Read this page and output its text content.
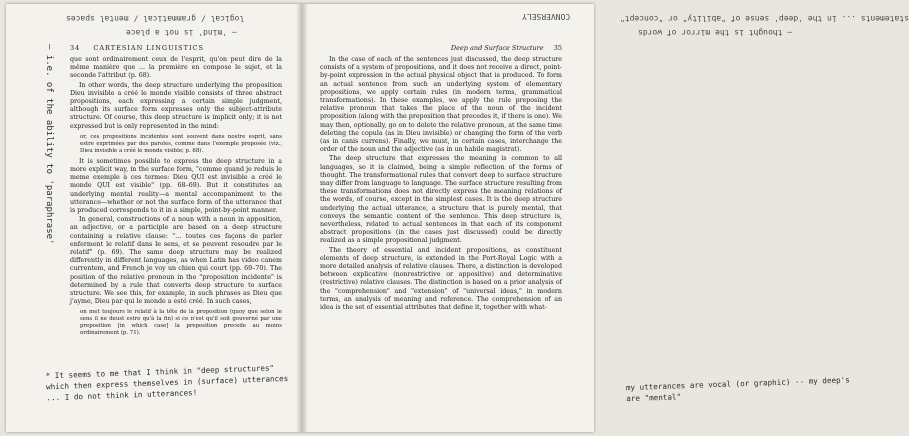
logical / grammatical / mental spaces
— 'mind' is not a place
— i.e. of the ability to 'paraphrase' 34 CARTESIAN LINGUISTICS

que sont ordinairement ceux de l'esprit, qu'on peut dire de la même manière que ... la première en compose le sujet, et la seconde l'attribut (p. 68).

In other words, the deep structure underlying the proposition Dieu invisible a créé le monde visible consists of three abstract propositions, each expressing a certain simple judgment, although its surface form expresses only the subject-attribute structure. Of course, this deep structure is implicit only; it is not expressed but is only represented in the mind:

or, ces propositions incidentes sont souvent dans nostre esprit, sans estre exprimées par des paroles, comme dans l'exemple proposée (viz., Dieu invisible a créé le monde visible; p. 68).

It is sometimes possible to express the deep structure in a more explicit way, in the surface form, "comme quand je reduis le meme exemple à ces termes: Dieu QUI est invisible a créé le monde QUI est visible" (pp. 68–69). But it constitutes an underlying mental reality—a mental accompaniment to the utterance—whether or not the surface form of the utterance that is produced corresponds to it in a simple, point-by-point manner.

In general, constructions of a noun with a noun in apposition, an adjective, or a participle are based on a deep structure containing a relative clause: "... toutes ces façons de parler enferment le relatif dans le sens, et se peuvent resoudre par le relatif" (p. 69). The same deep structure may be realized differently in different languages, as when Latin has video canem currentem, and French je voy un chien qui court (pp. 69–70). The position of the relative pronoun in the "proposition incidente" is determined by a rule that converts deep structure to surface structure. We see this, for example, in such phrases as Dieu que j'ayme, Dieu par qui le monde a esté créé. In such cases,

on met toujours le relatif à la tête de la proposition (quoy que selon le sens il ne deust estre qu'à la fin) si ce n'est qu'il soit gouverné par une preposition [in which case] la preposition precede au moins ordinairement (p. 71).

* It seems to me that I think in "deep structures" which then express themselves in (surface) utterances ... I do not think in utterances!
statements ... in the 'deep' sense of "ability" or "concept"
— thought is the mirror of words
CONVERSELY
Deep and Surface Structure 35

In the case of each of the sentences just discussed, the deep structure consists of a system of propositions, and it does not receive a direct, point-by-point expression in the actual physical object that is produced. To form an actual sentence from such an underlying system of elementary propositions, we apply certain rules (in modern terms, grammatical transformations). In these examples, we apply the rule preposing the relative pronoun that takes the place of the noun of the incident proposition (along with the preposition that precedes it, if there is one). We may then, optionally, go on to delete the relative pronoun, at the same time deleting the copula (as in Dieu invisible) or changing the form of the verb (as in canis currens). Finally, we must, in certain cases, interchange the order of the noun and the adjective (as in un habile magistrat).

The deep structure that expresses the meaning is common to all languages, so it is claimed, being a simple reflection of the forms of thought. The transformational rules that convert deep to surface structure may differ from language to language. The surface structure resulting from these transformations does not directly express the meaning relations of the words, of course, except in the simplest cases. It is the deep structure underlying the actual utterance, a structure that is purely mental, that conveys the semantic content of the sentence. This deep structure is, nevertheless, related to actual sentences in that each of its component abstract propositions (in the cases just discussed) could be directly realized as a simple propositional judgment.

The theory of essential and incident propositions, as constituent elements of deep structure, is extended in the Port-Royal Logic with a more detailed analysis of relative clauses. There, a distinction is developed between explicative (nonrestrictive or appositive) and determinative (restrictive) relative clauses. The distinction is based on a prior analysis of the "comprehension" and "extension" of "universal ideas," in modern terms, an analysis of meaning and reference. The comprehension of an idea is the set of essential attributes that define it, together with what-

my utterances are vocal (or graphic) -- my deep's are "mental"
